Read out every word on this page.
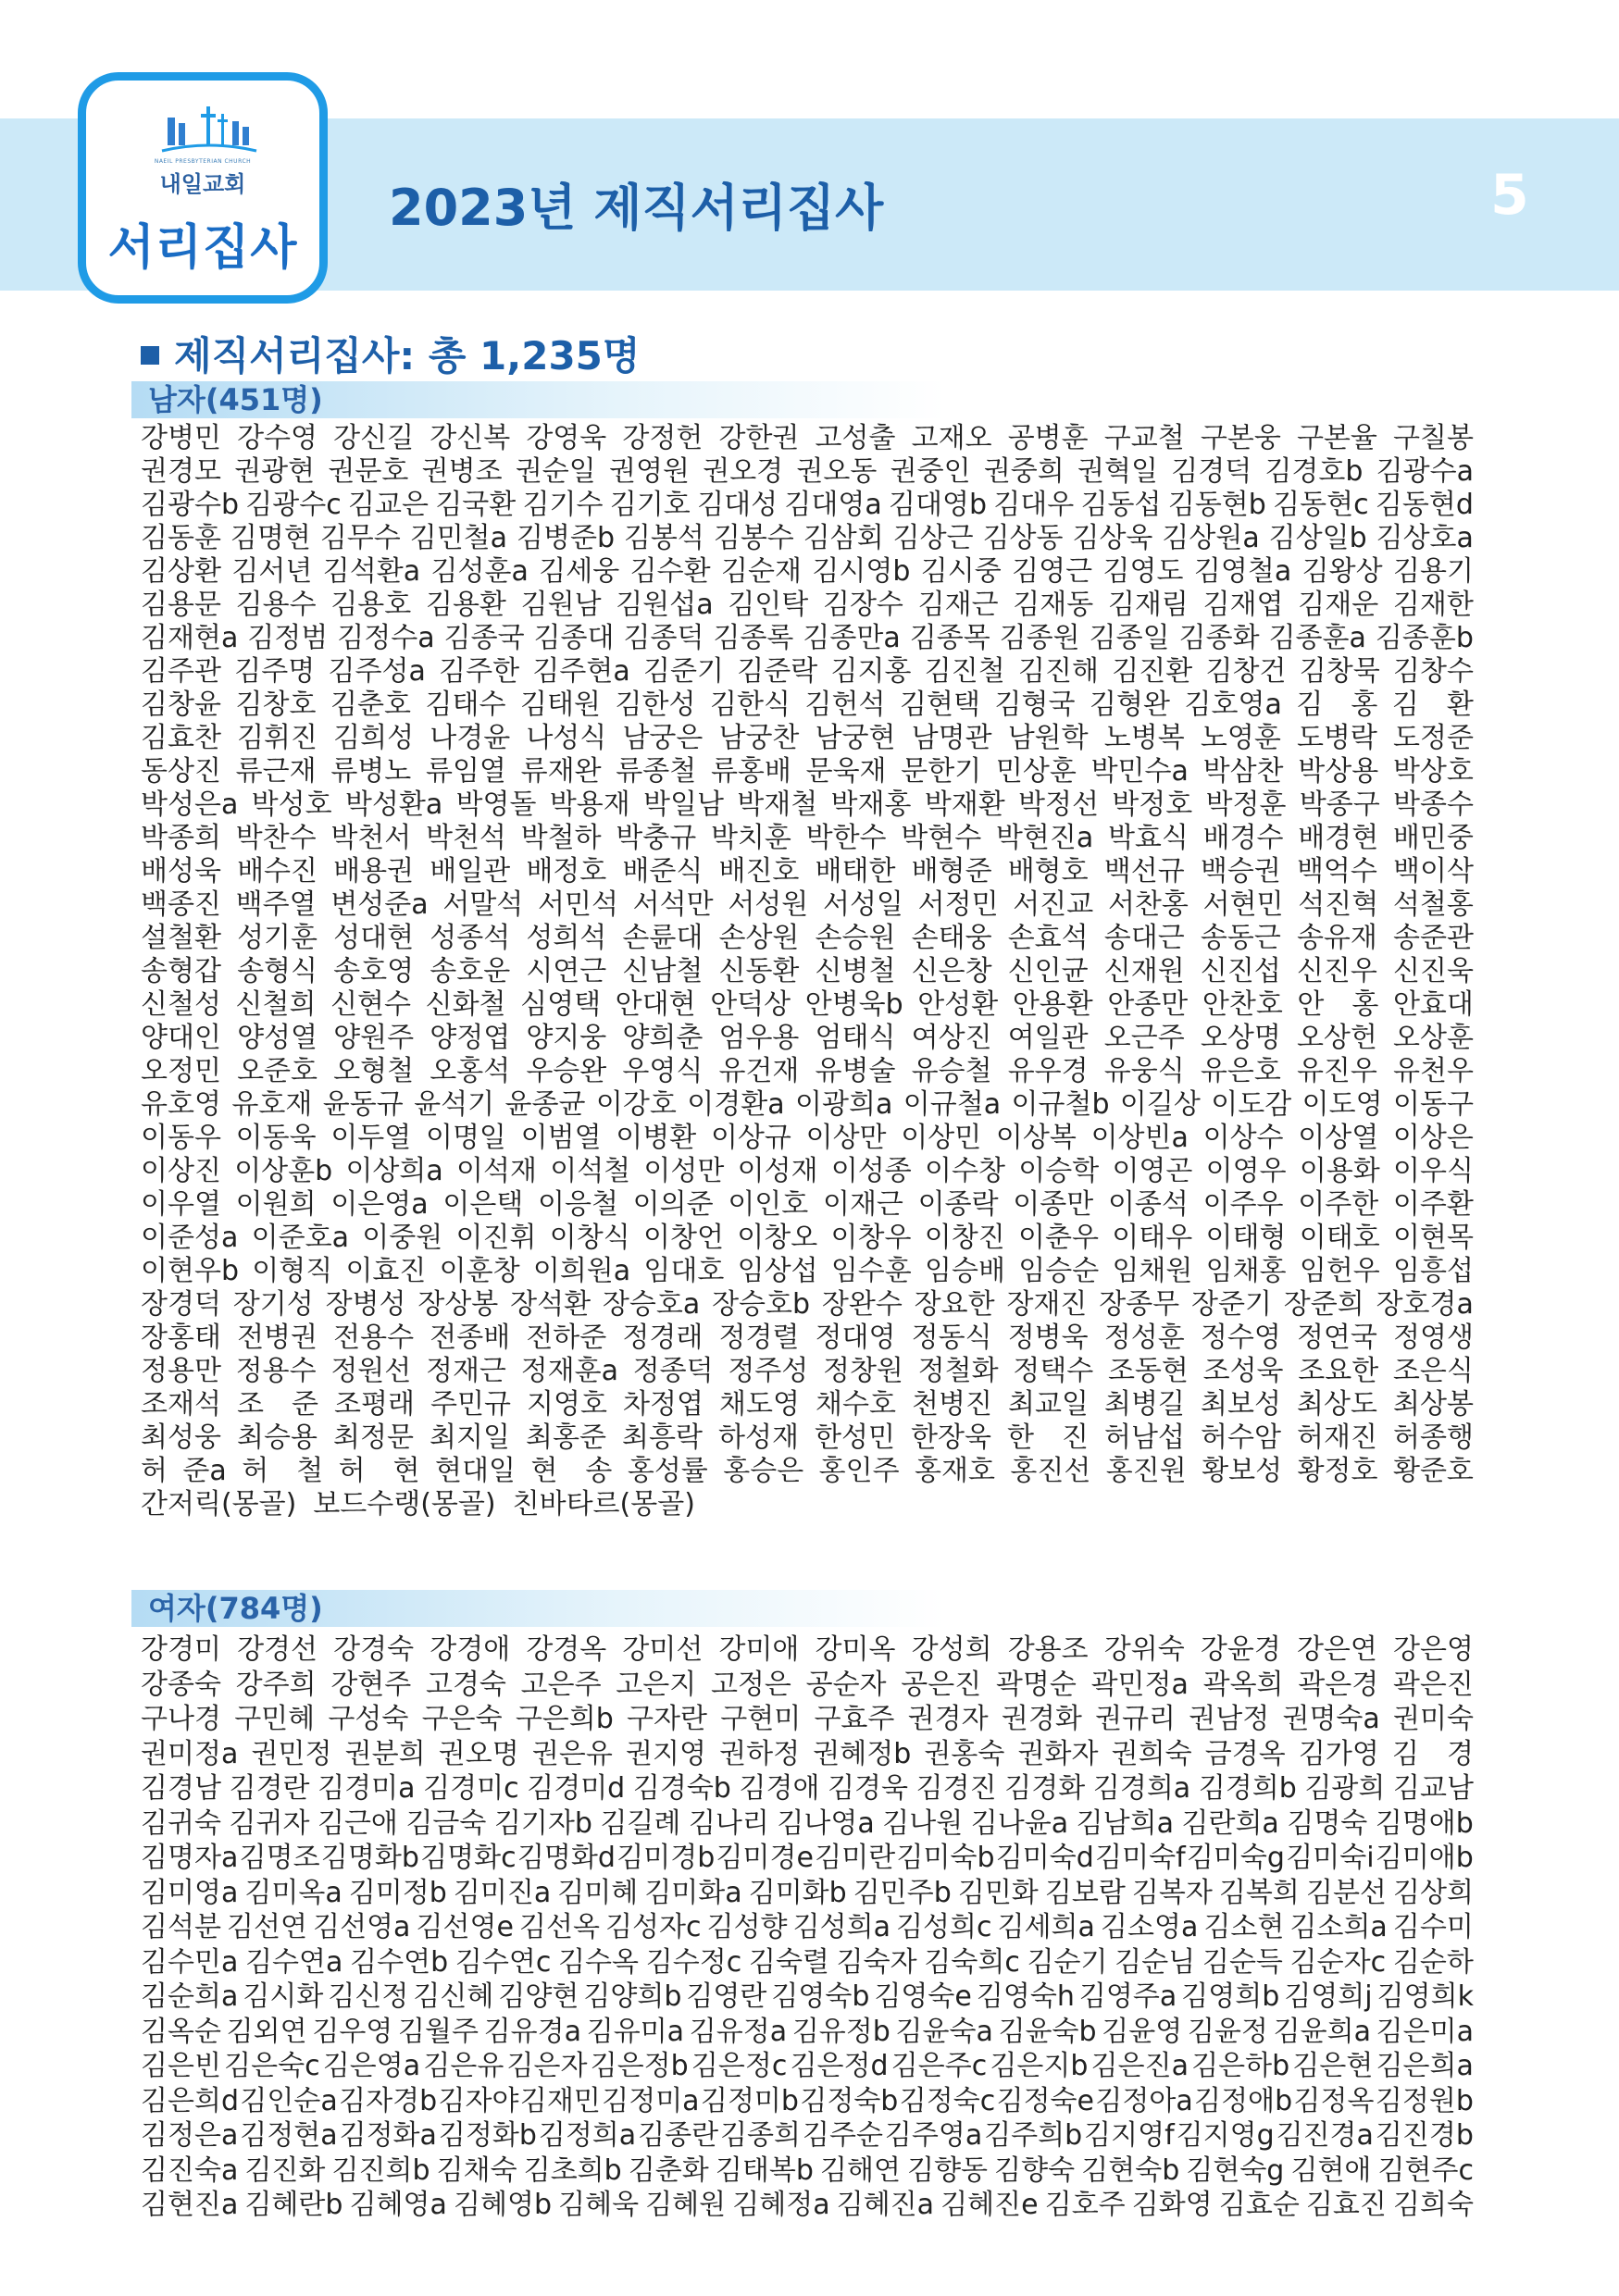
NAEIL PRESBYTERIAN CHURCH
내일교회
서리집사
2023년 제직서리집사	5
제직서리집사: 총 1,235명
남자(451명)
강병민 강수영 강신길 강신복 강영욱 강정헌 강한권 고성출 고재오 공병훈 구교철 구본웅 구본율 구칠봉
권경모 권광현 권문호 권병조 권순일 권영원 권오경 권오동 권중인 권중희 권혁일 김경덕 김경호b 김광수a
김광수b 김광수c 김교은 김국환 김기수 김기호 김대성 김대영a 김대영b 김대우 김동섭 김동현b 김동현c 김동현d
김동훈 김명현 김무수 김민철a 김병준b 김봉석 김봉수 김삼회 김상근 김상동 김상욱 김상원a 김상일b 김상호a
김상환 김서년 김석환a 김성훈a 김세웅 김수환 김순재 김시영b 김시중 김영근 김영도 김영철a 김왕상 김용기
김용문 김용수 김용호 김용환 김원남 김원섭a 김인탁 김장수 김재근 김재동 김재림 김재엽 김재운 김재한
김재현a 김정범 김정수a 김종국 김종대 김종덕 김종록 김종만a 김종목 김종원 김종일 김종화 김종훈a 김종훈b
김주관 김주명 김주성a 김주한 김주현a 김준기 김준락 김지홍 김진철 김진해 김진환 김창건 김창묵 김창수
김창윤 김창호 김춘호 김태수 김태원 김한성 김한식 김헌석 김현택 김형국 김형완 김호영a 김　홍 김　환
김효찬 김휘진 김희성 나경윤 나성식 남궁은 남궁찬 남궁현 남명관 남원학 노병복 노영훈 도병락 도정준
동상진 류근재 류병노 류임열 류재완 류종철 류홍배 문욱재 문한기 민상훈 박민수a 박삼찬 박상용 박상호
박성은a 박성호 박성환a 박영돌 박용재 박일남 박재철 박재홍 박재환 박정선 박정호 박정훈 박종구 박종수
박종희 박찬수 박천서 박천석 박철하 박충규 박치훈 박한수 박현수 박현진a 박효식 배경수 배경현 배민중
배성욱 배수진 배용권 배일관 배정호 배준식 배진호 배태한 배형준 배형호 백선규 백승권 백억수 백이삭
백종진 백주열 변성준a 서말석 서민석 서석만 서성원 서성일 서정민 서진교 서찬홍 서현민 석진혁 석철홍
설철환 성기훈 성대현 성종석 성희석 손륜대 손상원 손승원 손태웅 손효석 송대근 송동근 송유재 송준관
송형갑 송형식 송호영 송호운 시연근 신남철 신동환 신병철 신은창 신인균 신재원 신진섭 신진우 신진욱
신철성 신철희 신현수 신화철 심영택 안대현 안덕상 안병욱b 안성환 안용환 안종만 안찬호 안　홍 안효대
양대인 양성열 양원주 양정엽 양지웅 양희춘 엄우용 엄태식 여상진 여일관 오근주 오상명 오상헌 오상훈
오정민 오준호 오형철 오홍석 우승완 우영식 유건재 유병술 유승철 유우경 유웅식 유은호 유진우 유천우
유호영 유호재 윤동규 윤석기 윤종균 이강호 이경환a 이광희a 이규철a 이규철b 이길상 이도감 이도영 이동구
이동우 이동욱 이두열 이명일 이범열 이병환 이상규 이상만 이상민 이상복 이상빈a 이상수 이상열 이상은
이상진 이상훈b 이상희a 이석재 이석철 이성만 이성재 이성종 이수창 이승학 이영곤 이영우 이용화 이우식
이우열 이원희 이은영a 이은택 이응철 이의준 이인호 이재근 이종락 이종만 이종석 이주우 이주한 이주환
이준성a 이준호a 이중원 이진휘 이창식 이창언 이창오 이창우 이창진 이춘우 이태우 이태형 이태호 이현목
이현우b 이형직 이효진 이훈창 이희원a 임대호 임상섭 임수훈 임승배 임승순 임채원 임채홍 임헌우 임흥섭
장경덕 장기성 장병성 장상봉 장석환 장승호a 장승호b 장완수 장요한 장재진 장종무 장준기 장준희 장호경a
장홍태 전병권 전용수 전종배 전하준 정경래 정경렬 정대영 정동식 정병욱 정성훈 정수영 정연국 정영생
정용만 정용수 정원선 정재근 정재훈a 정종덕 정주성 정창원 정철화 정택수 조동현 조성욱 조요한 조은식
조재석 조　준 조평래 주민규 지영호 차정엽 채도영 채수호 천병진 최교일 최병길 최보성 최상도 최상봉
최성웅 최승용 최정문 최지일 최홍준 최흥락 하성재 한성민 한장욱 한　진 허남섭 허수암 허재진 허종행
허 준a 허　철 허　현 현대일 현　송 홍성률 홍승은 홍인주 홍재호 홍진선 홍진원 황보성 황정호 황준호
간저릭(몽골) 보드수랭(몽골) 친바타르(몽골)
여자(784명)
강경미 강경선 강경숙 강경애 강경옥 강미선 강미애 강미옥 강성희 강용조 강위숙 강윤경 강은연 강은영
강종숙 강주희 강현주 고경숙 고은주 고은지 고정은 공순자 공은진 곽명순 곽민정a 곽옥희 곽은경 곽은진
구나경 구민혜 구성숙 구은숙 구은희b 구자란 구현미 구효주 권경자 권경화 권규리 권남정 권명숙a 권미숙
권미정a 권민정 권분희 권오명 권은유 권지영 권하정 권혜정b 권홍숙 권화자 권희숙 금경옥 김가영 김　경
김경남 김경란 김경미a 김경미c 김경미d 김경숙b 김경애 김경욱 김경진 김경화 김경희a 김경희b 김광희 김교남
김귀숙 김귀자 김근애 김금숙 김기자b 김길례 김나리 김나영a 김나원 김나윤a 김남희a 김란희a 김명숙 김명애b
김명자a 김명조 김명화b 김명화c 김명화d 김미경b 김미경e 김미란 김미숙b 김미숙d 김미숙f 김미숙g 김미숙i 김미애b
김미영a 김미옥a 김미정b 김미진a 김미혜 김미화a 김미화b 김민주b 김민화 김보람 김복자 김복희 김분선 김상희
김석분 김선연 김선영a 김선영e 김선옥 김성자c 김성향 김성희a 김성희c 김세희a 김소영a 김소현 김소희a 김수미
김수민a 김수연a 김수연b 김수연c 김수옥 김수정c 김숙렬 김숙자 김숙희c 김순기 김순님 김순득 김순자c 김순하
김순희a 김시화 김신정 김신혜 김양현 김양희b 김영란 김영숙b 김영숙e 김영숙h 김영주a 김영희b 김영희j 김영희k
김옥순 김외연 김우영 김월주 김유경a 김유미a 김유정a 김유정b 김윤숙a 김윤숙b 김윤영 김윤정 김윤희a 김은미a
김은빈 김은숙c 김은영a 김은유 김은자 김은정b 김은정c 김은정d 김은주c 김은지b 김은진a 김은하b 김은현 김은희a
김은희d 김인순a 김자경b 김자야 김재민 김정미a 김정미b 김정숙b 김정숙c 김정숙e 김정아a 김정애b 김정옥 김정원b
김정은a 김정현a 김정화a 김정화b 김정희a 김종란 김종희 김주순 김주영a 김주희b 김지영f 김지영g 김진경a 김진경b
김진숙a 김진화 김진희b 김채숙 김초희b 김춘화 김태복b 김해연 김향동 김향숙 김현숙b 김현숙g 김현애 김현주c
김현진a 김혜란b 김혜영a 김혜영b 김혜욱 김혜원 김혜정a 김혜진a 김혜진e 김호주 김화영 김효순 김효진 김희숙
